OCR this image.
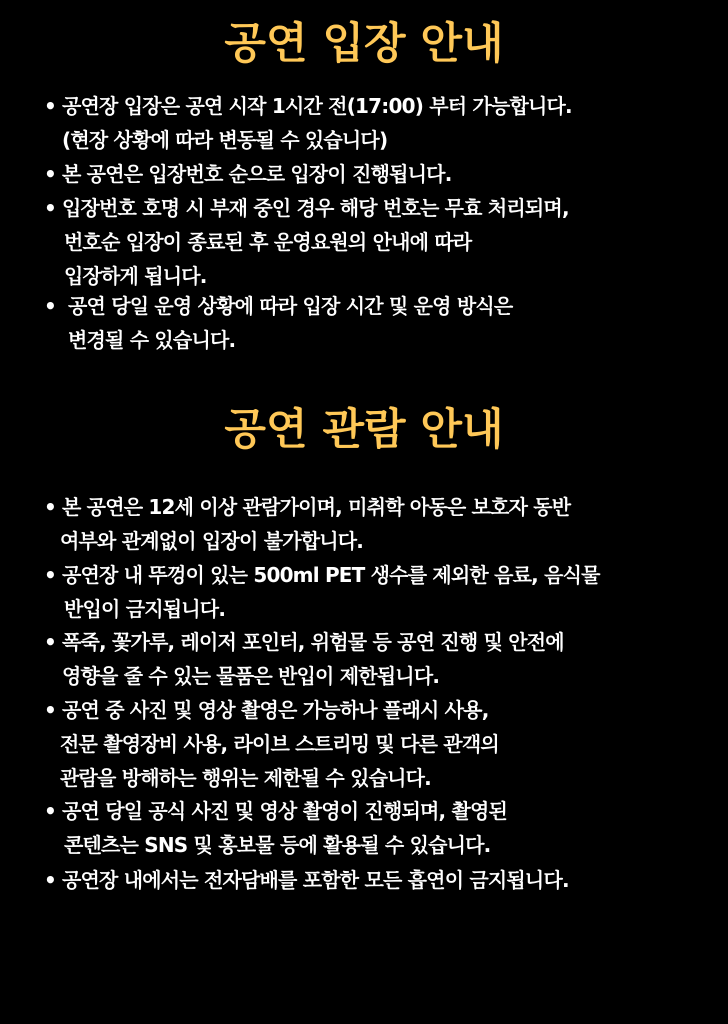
공연 입장 안내
• 공연장 입장은 공연 시작 1시간 전(17:00) 부터 가능합니다.
(현장 상황에 따라 변동될 수 있습니다)
• 본 공연은 입장번호 순으로 입장이 진행됩니다.
• 입장번호 호명 시 부재 중인 경우 해당 번호는 무효 처리되며,
번호순 입장이 종료된 후 운영요원의 안내에 따라
입장하게 됩니다.
• 공연 당일 운영 상황에 따라 입장 시간 및 운영 방식은
변경될 수 있습니다.
공연 관람 안내
• 본 공연은 12세 이상 관람가이며, 미취학 아동은 보호자 동반
여부와 관계없이 입장이 불가합니다.
• 공연장 내 뚜껑이 있는 500ml PET 생수를 제외한 음료, 음식물
반입이 금지됩니다.
• 폭죽, 꽃가루, 레이저 포인터, 위험물 등 공연 진행 및 안전에
영향을 줄 수 있는 물품은 반입이 제한됩니다.
• 공연 중 사진 및 영상 촬영은 가능하나 플래시 사용,
전문 촬영장비 사용, 라이브 스트리밍 및 다른 관객의
관람을 방해하는 행위는 제한될 수 있습니다.
• 공연 당일 공식 사진 및 영상 촬영이 진행되며, 촬영된
콘텐츠는 SNS 및 홍보물 등에 활용될 수 있습니다.
• 공연장 내에서는 전자담배를 포함한 모든 흡연이 금지됩니다.
